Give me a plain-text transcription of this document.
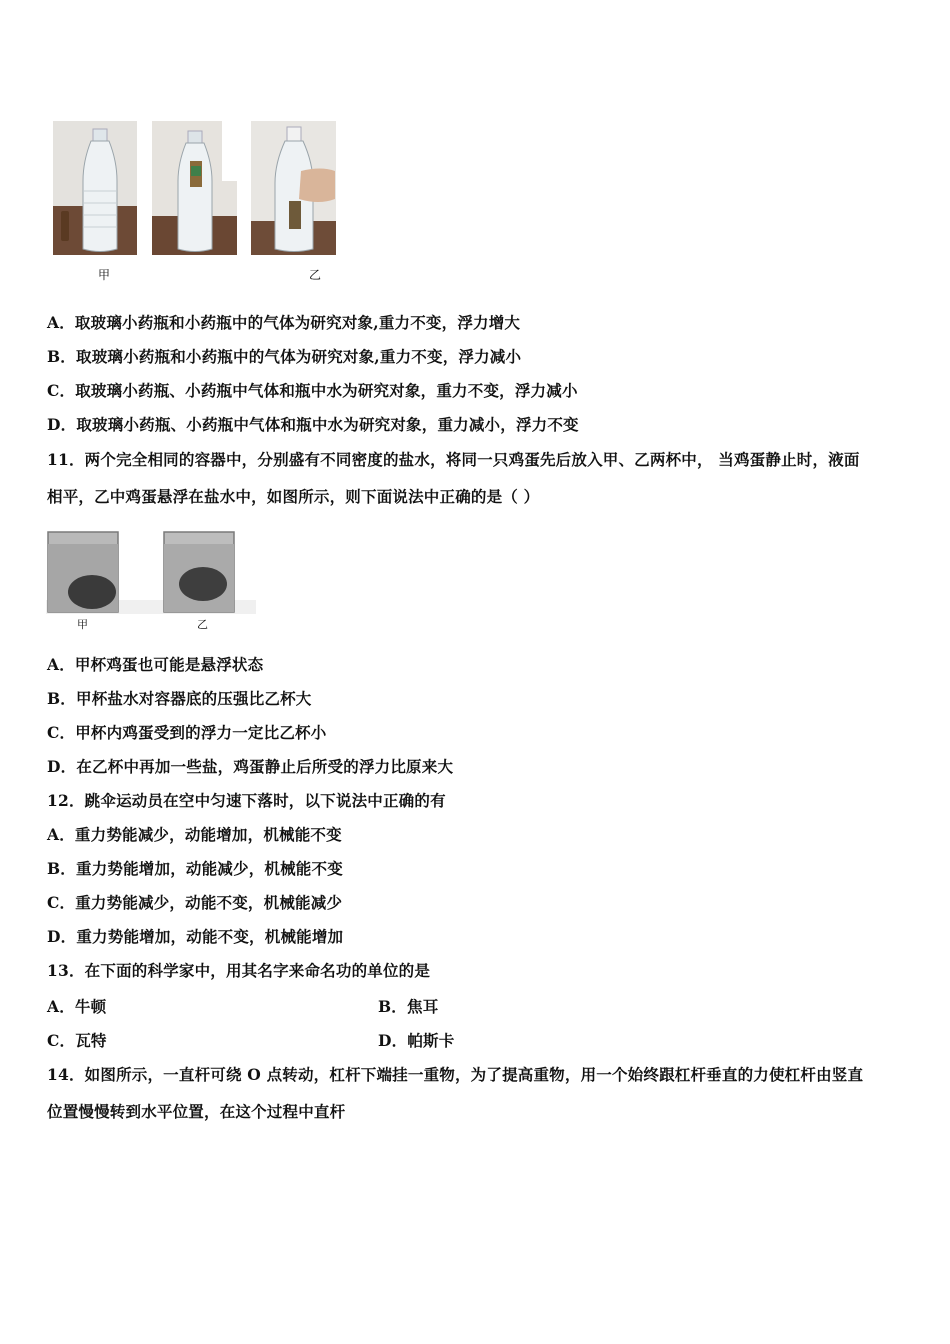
甲	乙
A．取玻璃小药瓶和小药瓶中的气体为研究对象,重力不变，浮力增大
B．取玻璃小药瓶和小药瓶中的气体为研究对象,重力不变，浮力减小
C．取玻璃小药瓶、小药瓶中气体和瓶中水为研究对象，重力不变，浮力减小
D．取玻璃小药瓶、小药瓶中气体和瓶中水为研究对象，重力减小，浮力不变
11．两个完全相同的容器中，分别盛有不同密度的盐水，将同一只鸡蛋先后放入甲、乙两杯中， 当鸡蛋静止时，液面
相平，乙中鸡蛋悬浮在盐水中，如图所示，则下面说法中正确的是（ ）
甲	乙
A．甲杯鸡蛋也可能是悬浮状态
B．甲杯盐水对容器底的压强比乙杯大
C．甲杯内鸡蛋受到的浮力一定比乙杯小
D．在乙杯中再加一些盐，鸡蛋静止后所受的浮力比原来大
12．跳伞运动员在空中匀速下落时，以下说法中正确的有
A．重力势能减少，动能增加，机械能不变
B．重力势能增加，动能减少，机械能不变
C．重力势能减少，动能不变，机械能减少
D．重力势能增加，动能不变，机械能增加
13．在下面的科学家中，用其名字来命名功的单位的是
A．牛顿	B．焦耳
C．瓦特	D．帕斯卡
14．如图所示，一直杆可绕 O 点转动，杠杆下端挂一重物，为了提高重物，用一个始终跟杠杆垂直的力使杠杆由竖直
位置慢慢转到水平位置，在这个过程中直杆
